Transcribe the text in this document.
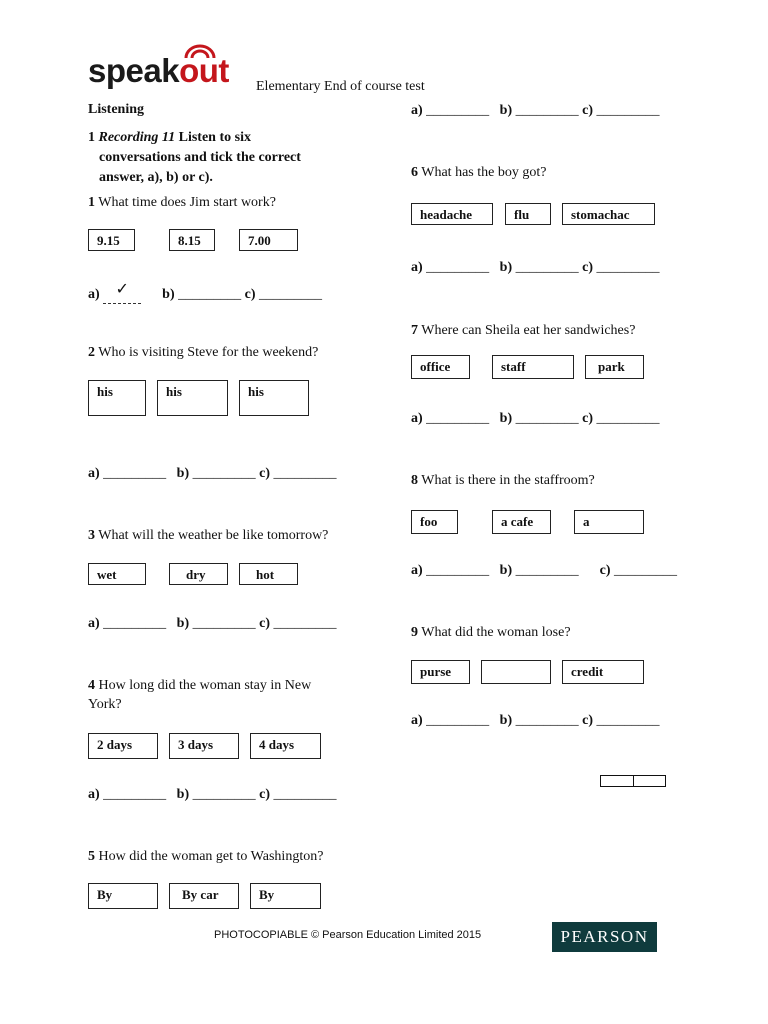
speakout Elementary End of course test
Listening
1 Recording 11 Listen to six
conversations and tick the correct
answer, a), b) or c).
1 What time does Jim start work?
9.15	8.15	7.00
a) ✓ b) _________ c) _________
2 Who is visiting Steve for the weekend?
his	his	his
a) _________ b) _________ c) _________
3 What will the weather be like tomorrow?
wet	dry	hot
a) _________ b) _________ c) _________
4 How long did the woman stay in New
York?
2 days	3 days	4 days
a) _________ b) _________ c) _________
5 How did the woman get to Washington?
By	By car	By
a) _________ b) _________ c) _________
6 What has the boy got?
headache	flu	stomachac
a) _________ b) _________ c) _________
7 Where can Sheila eat her sandwiches?
office	staff	park
a) _________ b) _________ c) _________
8 What is there in the staffroom?
foo	a cafe	a
a) _________ b) _________ c) _________
9 What did the woman lose?
purse	credit
a) _________ b) _________ c) _________
PHOTOCOPIABLE © Pearson Education Limited 2015	PEARSON
